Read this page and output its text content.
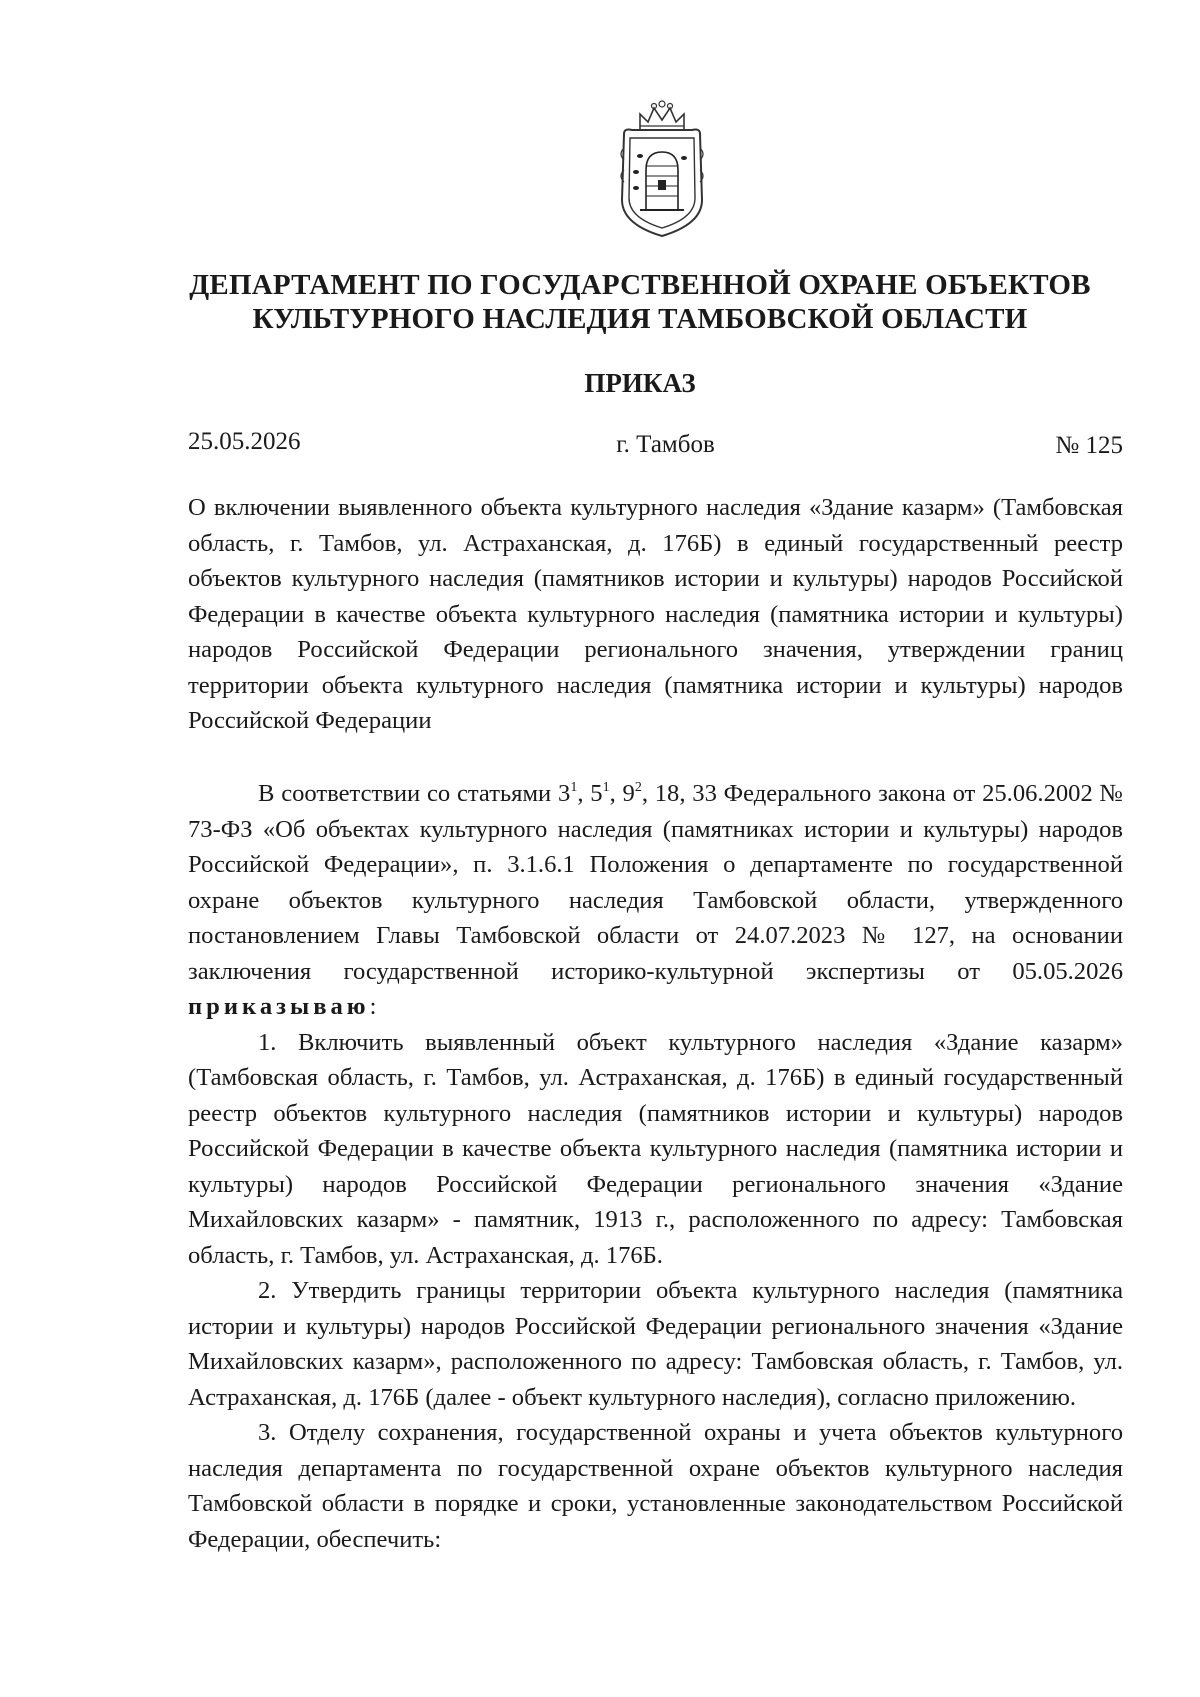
ДЕПАРТАМЕНТ ПО ГОСУДАРСТВЕННОЙ ОХРАНЕ ОБЪЕКТОВ
КУЛЬТУРНОГО НАСЛЕДИЯ ТАМБОВСКОЙ ОБЛАСТИ
ПРИКАЗ
25.05.2026	г. Тамбов	№ 125
О включении выявленного объекта культурного наследия «Здание казарм» (Тамбовская область, г. Тамбов, ул. Астраханская, д. 176Б) в единый государственный реестр объектов культурного наследия (памятников истории и культуры) народов Российской Федерации в качестве объекта культурного наследия (памятника истории и культуры) народов Российской Федерации регионального значения, утверждении границ территории объекта культурного наследия (памятника истории и культуры) народов Российской Федерации

В соответствии со статьями $3^1$, $5^1$, $9^2$, 18, 33 Федерального закона от 25.06.2002 № 73-ФЗ «Об объектах культурного наследия (памятниках истории и культуры) народов Российской Федерации», п. 3.1.6.1 Положения о департаменте по государственной охране объектов культурного наследия Тамбовской области, утвержденного постановлением Главы Тамбовской области от 24.07.2023 № 127, на основании заключения государственной историко-культурной экспертизы от 05.05.2026 приказываю:

1. Включить выявленный объект культурного наследия «Здание казарм» (Тамбовская область, г. Тамбов, ул. Астраханская, д. 176Б) в единый государственный реестр объектов культурного наследия (памятников истории и культуры) народов Российской Федерации в качестве объекта культурного наследия (памятника истории и культуры) народов Российской Федерации регионального значения «Здание Михайловских казарм» - памятник, 1913 г., расположенного по адресу: Тамбовская область, г. Тамбов, ул. Астраханская, д. 176Б.

2. Утвердить границы территории объекта культурного наследия (памятника истории и культуры) народов Российской Федерации регионального значения «Здание Михайловских казарм», расположенного по адресу: Тамбовская область, г. Тамбов, ул. Астраханская, д. 176Б (далее - объект культурного наследия), согласно приложению.

3. Отделу сохранения, государственной охраны и учета объектов культурного наследия департамента по государственной охране объектов культурного наследия Тамбовской области в порядке и сроки, установленные законодательством Российской Федерации, обеспечить:
